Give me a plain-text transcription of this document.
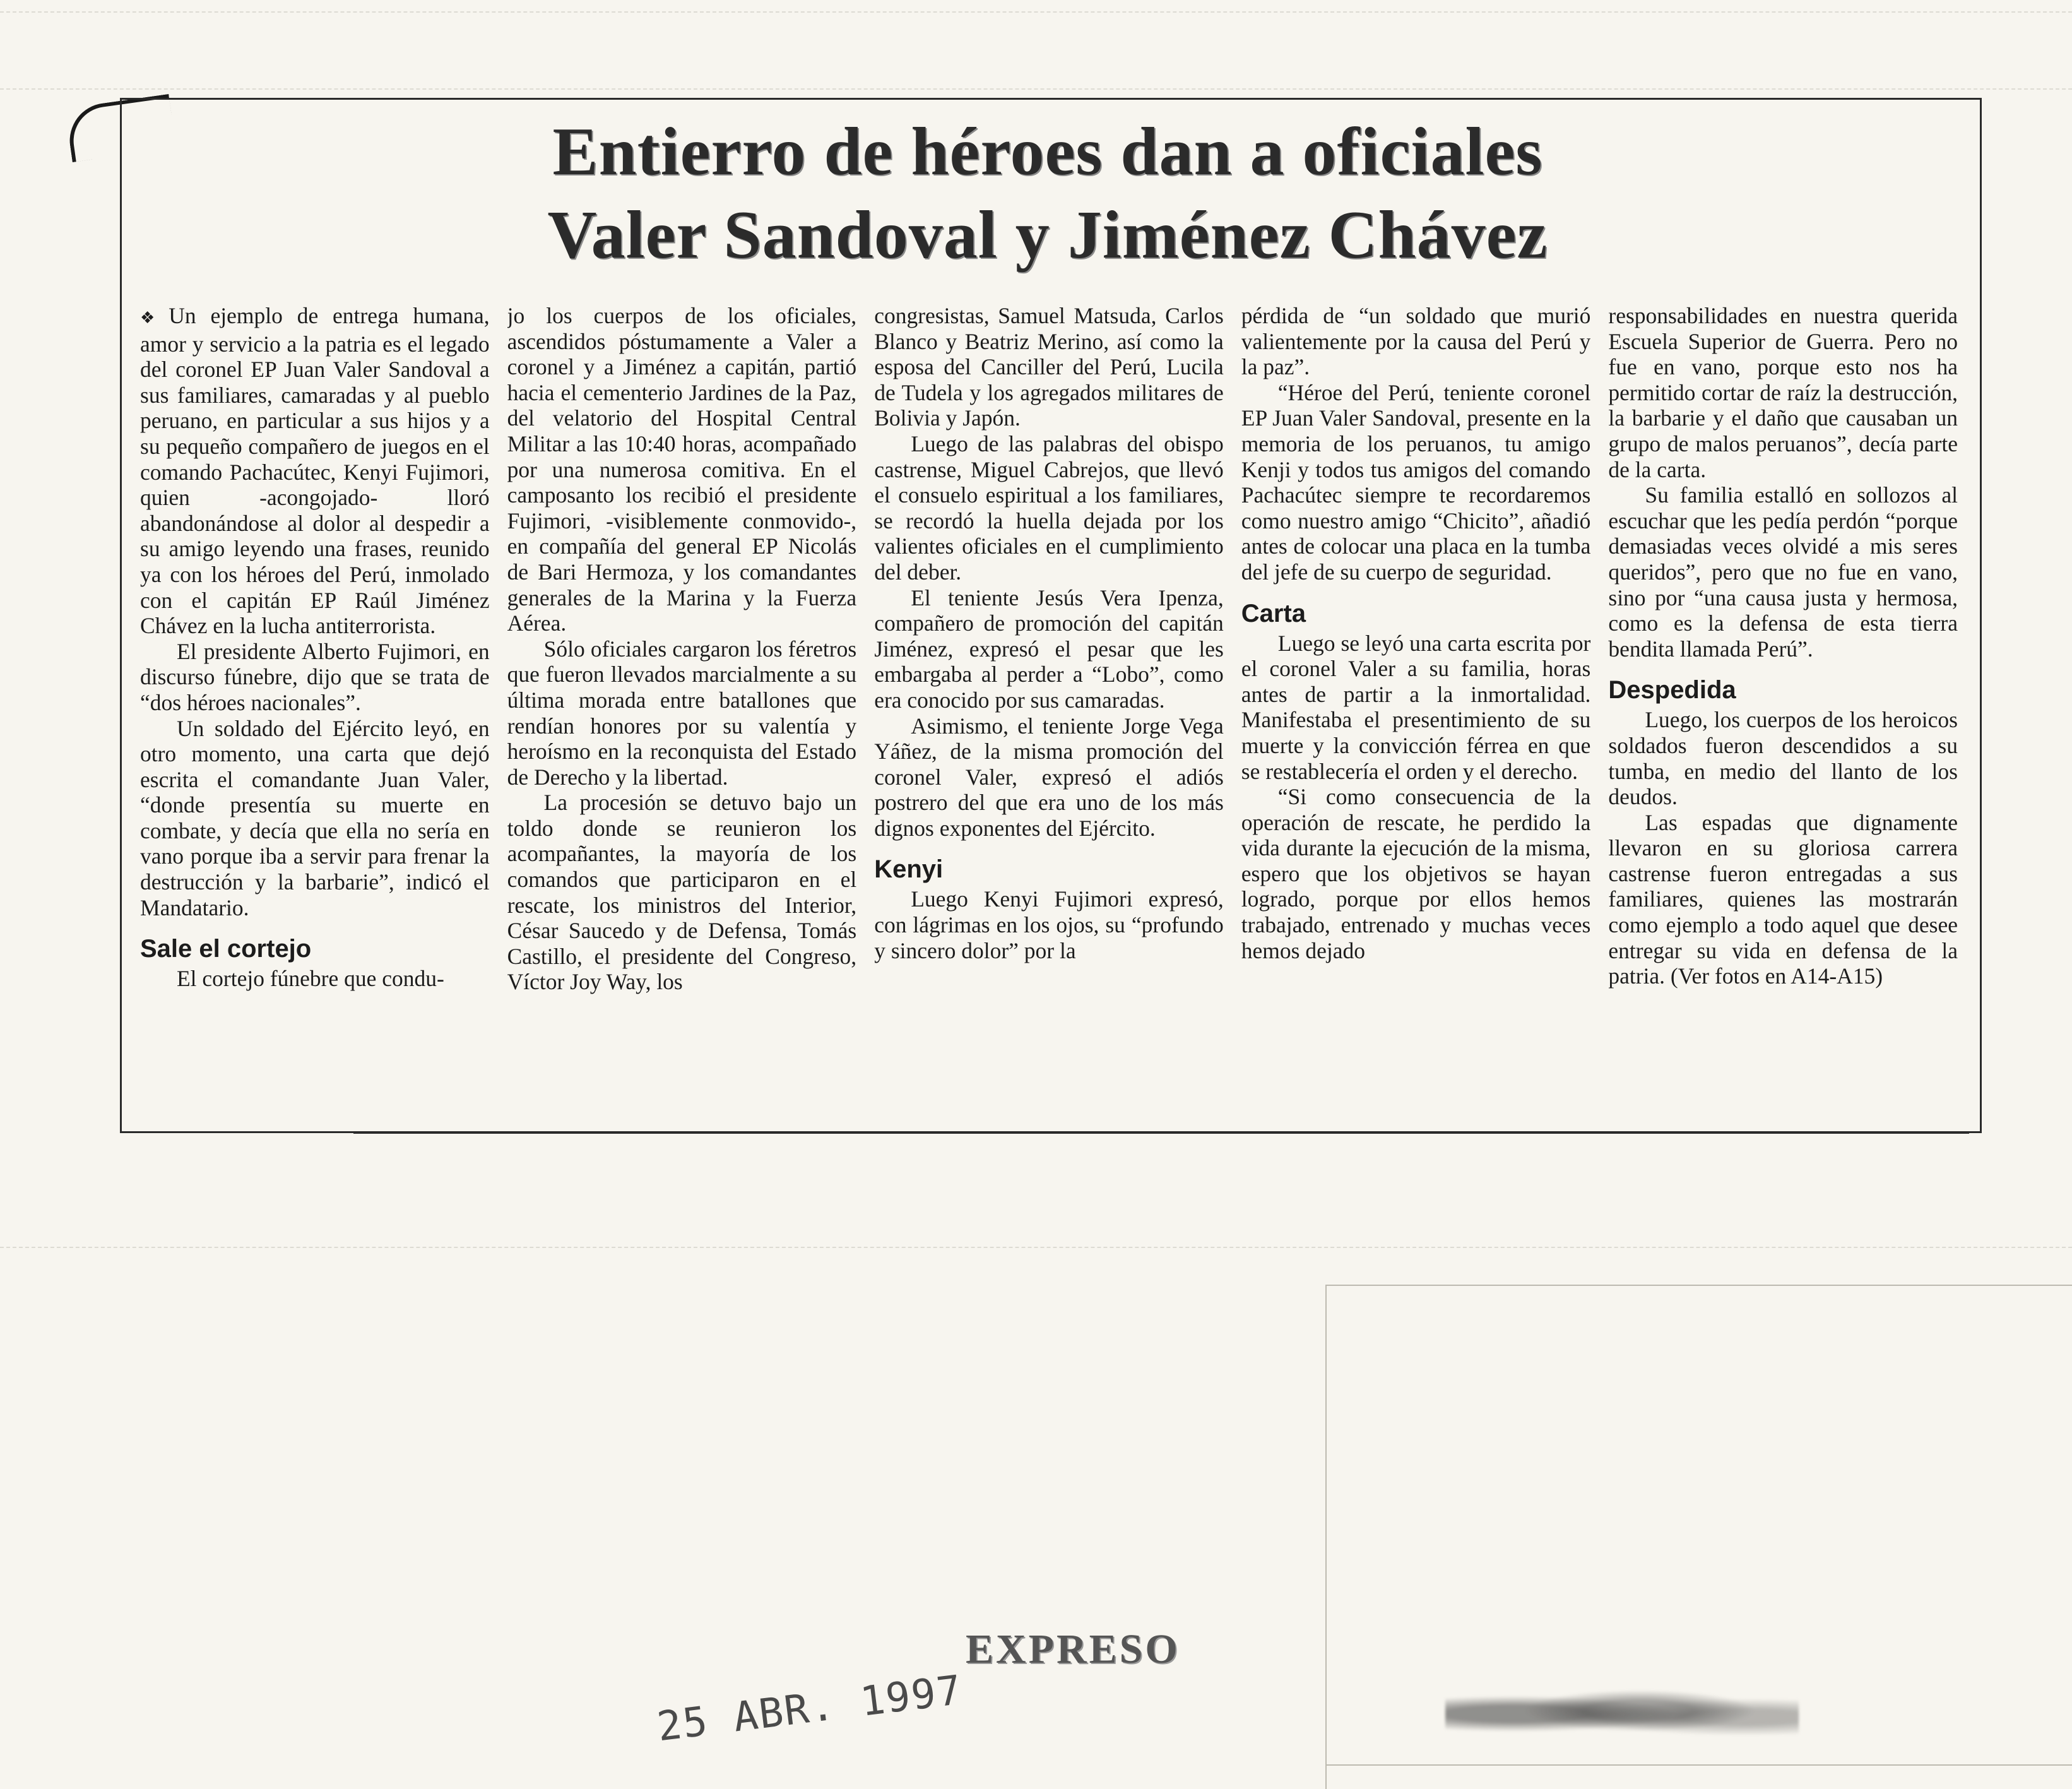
Entierro de héroes dan a oficiales
Valer Sandoval y Jiménez Chávez

❖ Un ejemplo de entrega humana, amor y servicio a la patria es el legado del coronel EP Juan Valer Sandoval a sus familiares, camaradas y al pueblo peruano, en particular a sus hijos y a su pequeño compañero de juegos en el comando Pachacútec, Kenyi Fujimori, quien -acongojado- lloró abandonándose al dolor al despedir a su amigo leyendo una frases, reunido ya con los héroes del Perú, inmolado con el capitán EP Raúl Jiménez Chávez en la lucha antiterrorista.

El presidente Alberto Fujimori, en discurso fúnebre, dijo que se trata de “dos héroes nacionales”.

Un soldado del Ejército leyó, en otro momento, una carta que dejó escrita el comandante Juan Valer, “donde presentía su muerte en combate, y decía que ella no sería en vano porque iba a servir para frenar la destrucción y la barbarie”, indicó el Mandatario.

Sale el cortejo

El cortejo fúnebre que condu-

jo los cuerpos de los oficiales, ascendidos póstumamente a Valer a coronel y a Jiménez a capitán, partió hacia el cementerio Jardines de la Paz, del velatorio del Hospital Central Militar a las 10:40 horas, acompañado por una numerosa comitiva. En el camposanto los recibió el presidente Fujimori, -visiblemente conmovido-, en compañía del general EP Nicolás de Bari Hermoza, y los comandantes generales de la Marina y la Fuerza Aérea.

Sólo oficiales cargaron los féretros que fueron llevados marcialmente a su última morada entre batallones que rendían honores por su valentía y heroísmo en la reconquista del Estado de Derecho y la libertad.

La procesión se detuvo bajo un toldo donde se reunieron los acompañantes, la mayoría de los comandos que participaron en el rescate, los ministros del Interior, César Saucedo y de Defensa, Tomás Castillo, el presidente del Congreso, Víctor Joy Way, los

congresistas, Samuel Matsuda, Carlos Blanco y Beatriz Merino, así como la esposa del Canciller del Perú, Lucila de Tudela y los agregados militares de Bolivia y Japón.

Luego de las palabras del obispo castrense, Miguel Cabrejos, que llevó el consuelo espiritual a los familiares, se recordó la huella dejada por los valientes oficiales en el cumplimiento del deber.

El teniente Jesús Vera Ipenza, compañero de promoción del capitán Jiménez, expresó el pesar que les embargaba al perder a “Lobo”, como era conocido por sus camaradas.

Asimismo, el teniente Jorge Vega Yáñez, de la misma promoción del coronel Valer, expresó el adiós postrero del que era uno de los más dignos exponentes del Ejército.

Kenyi

Luego Kenyi Fujimori expresó, con lágrimas en los ojos, su “profundo y sincero dolor” por la

pérdida de “un soldado que murió valientemente por la causa del Perú y la paz”.

“Héroe del Perú, teniente coronel EP Juan Valer Sandoval, presente en la memoria de los peruanos, tu amigo Kenji y todos tus amigos del comando Pachacútec siempre te recordaremos como nuestro amigo “Chicito”, añadió antes de colocar una placa en la tumba del jefe de su cuerpo de seguridad.

Carta

Luego se leyó una carta escrita por el coronel Valer a su familia, horas antes de partir a la inmortalidad. Manifestaba el presentimiento de su muerte y la convicción férrea en que se restablecería el orden y el derecho.

“Si como consecuencia de la operación de rescate, he perdido la vida durante la ejecución de la misma, espero que los objetivos se hayan logrado, porque por ellos hemos trabajado, entrenado y muchas veces hemos dejado

responsabilidades en nuestra querida Escuela Superior de Guerra. Pero no fue en vano, porque esto nos ha permitido cortar de raíz la destrucción, la barbarie y el daño que causaban un grupo de malos peruanos”, decía parte de la carta.

Su familia estalló en sollozos al escuchar que les pedía perdón “porque demasiadas veces olvidé a mis seres queridos”, pero que no fue en vano, sino por “una causa justa y hermosa, como es la defensa de esta tierra bendita llamada Perú”.

Despedida

Luego, los cuerpos de los heroicos soldados fueron descendidos a su tumba, en medio del llanto de los deudos.

Las espadas que dignamente llevaron en su gloriosa carrera castrense fueron entregadas a sus familiares, quienes las mostrarán como ejemplo a todo aquel que desee entregar su vida en defensa de la patria. (Ver fotos en A14-A15)

EXPRESO
25 ABR. 1997
